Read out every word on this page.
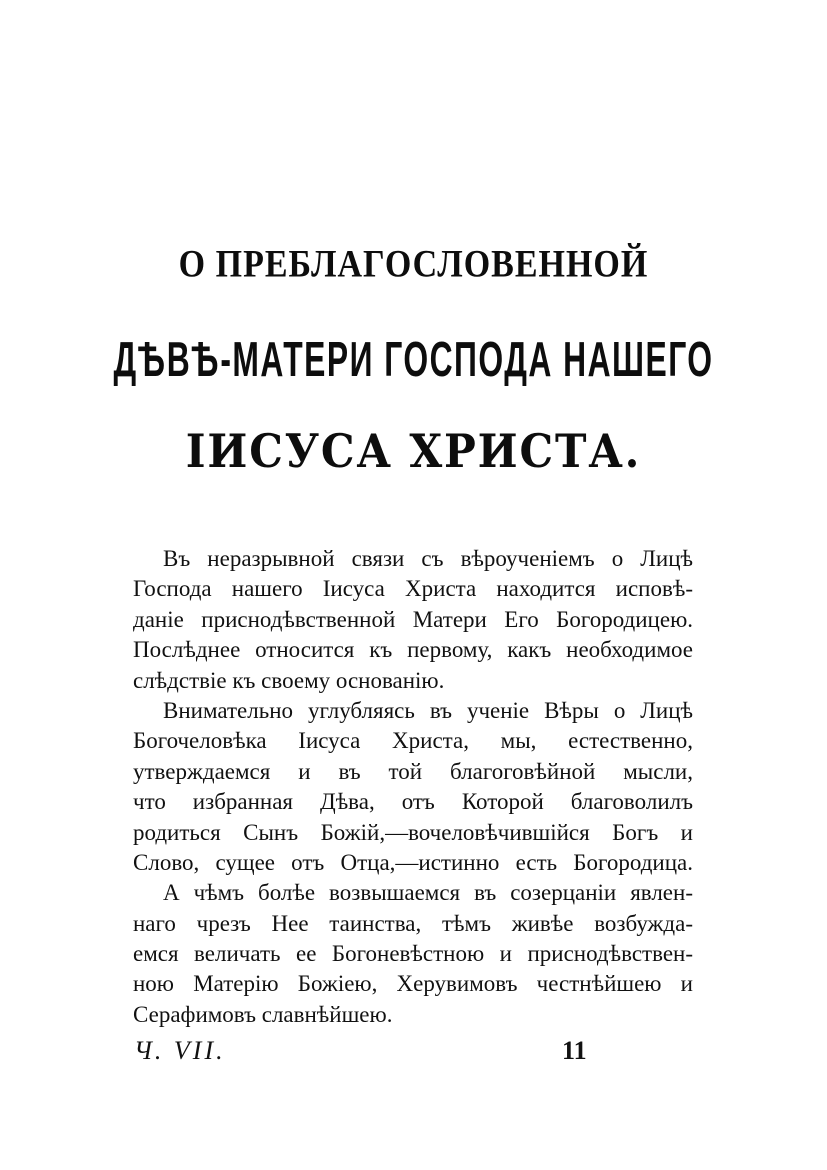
О ПРЕБЛАГОСЛОВЕННОЙ
ДѢВѢ-МАТЕРИ ГОСПОДА НАШЕГО
ІИСУСА ХРИСТА.
Въ неразрывной связи съ вѣроученіемъ о Лицѣ
Господа нашего Іисуса Христа находится исповѣ-
даніе приснодѣвственной Матери Его Богородицею.
Послѣднее относится къ первому, какъ необходимое
слѣдствіе къ своему основанію.
Внимательно углубляясь въ ученіе Вѣры о Лицѣ
Богочеловѣка Іисуса Христа, мы, естественно,
утверждаемся и въ той благоговѣйной мысли,
что избранная Дѣва, отъ Которой благоволилъ
родиться Сынъ Божій,—вочеловѣчившійся Богъ и
Слово, сущее отъ Отца,—истинно есть Богородица.
А чѣмъ болѣе возвышаемся въ созерцаніи явлен-
наго чрезъ Нее таинства, тѣмъ живѣе возбужда-
емся величать ее Богоневѣстною и приснодѣвствен-
ною Матерію Божіею, Херувимовъ честнѣйшею и
Серафимовъ славнѣйшею.
Ч. VII.	11
